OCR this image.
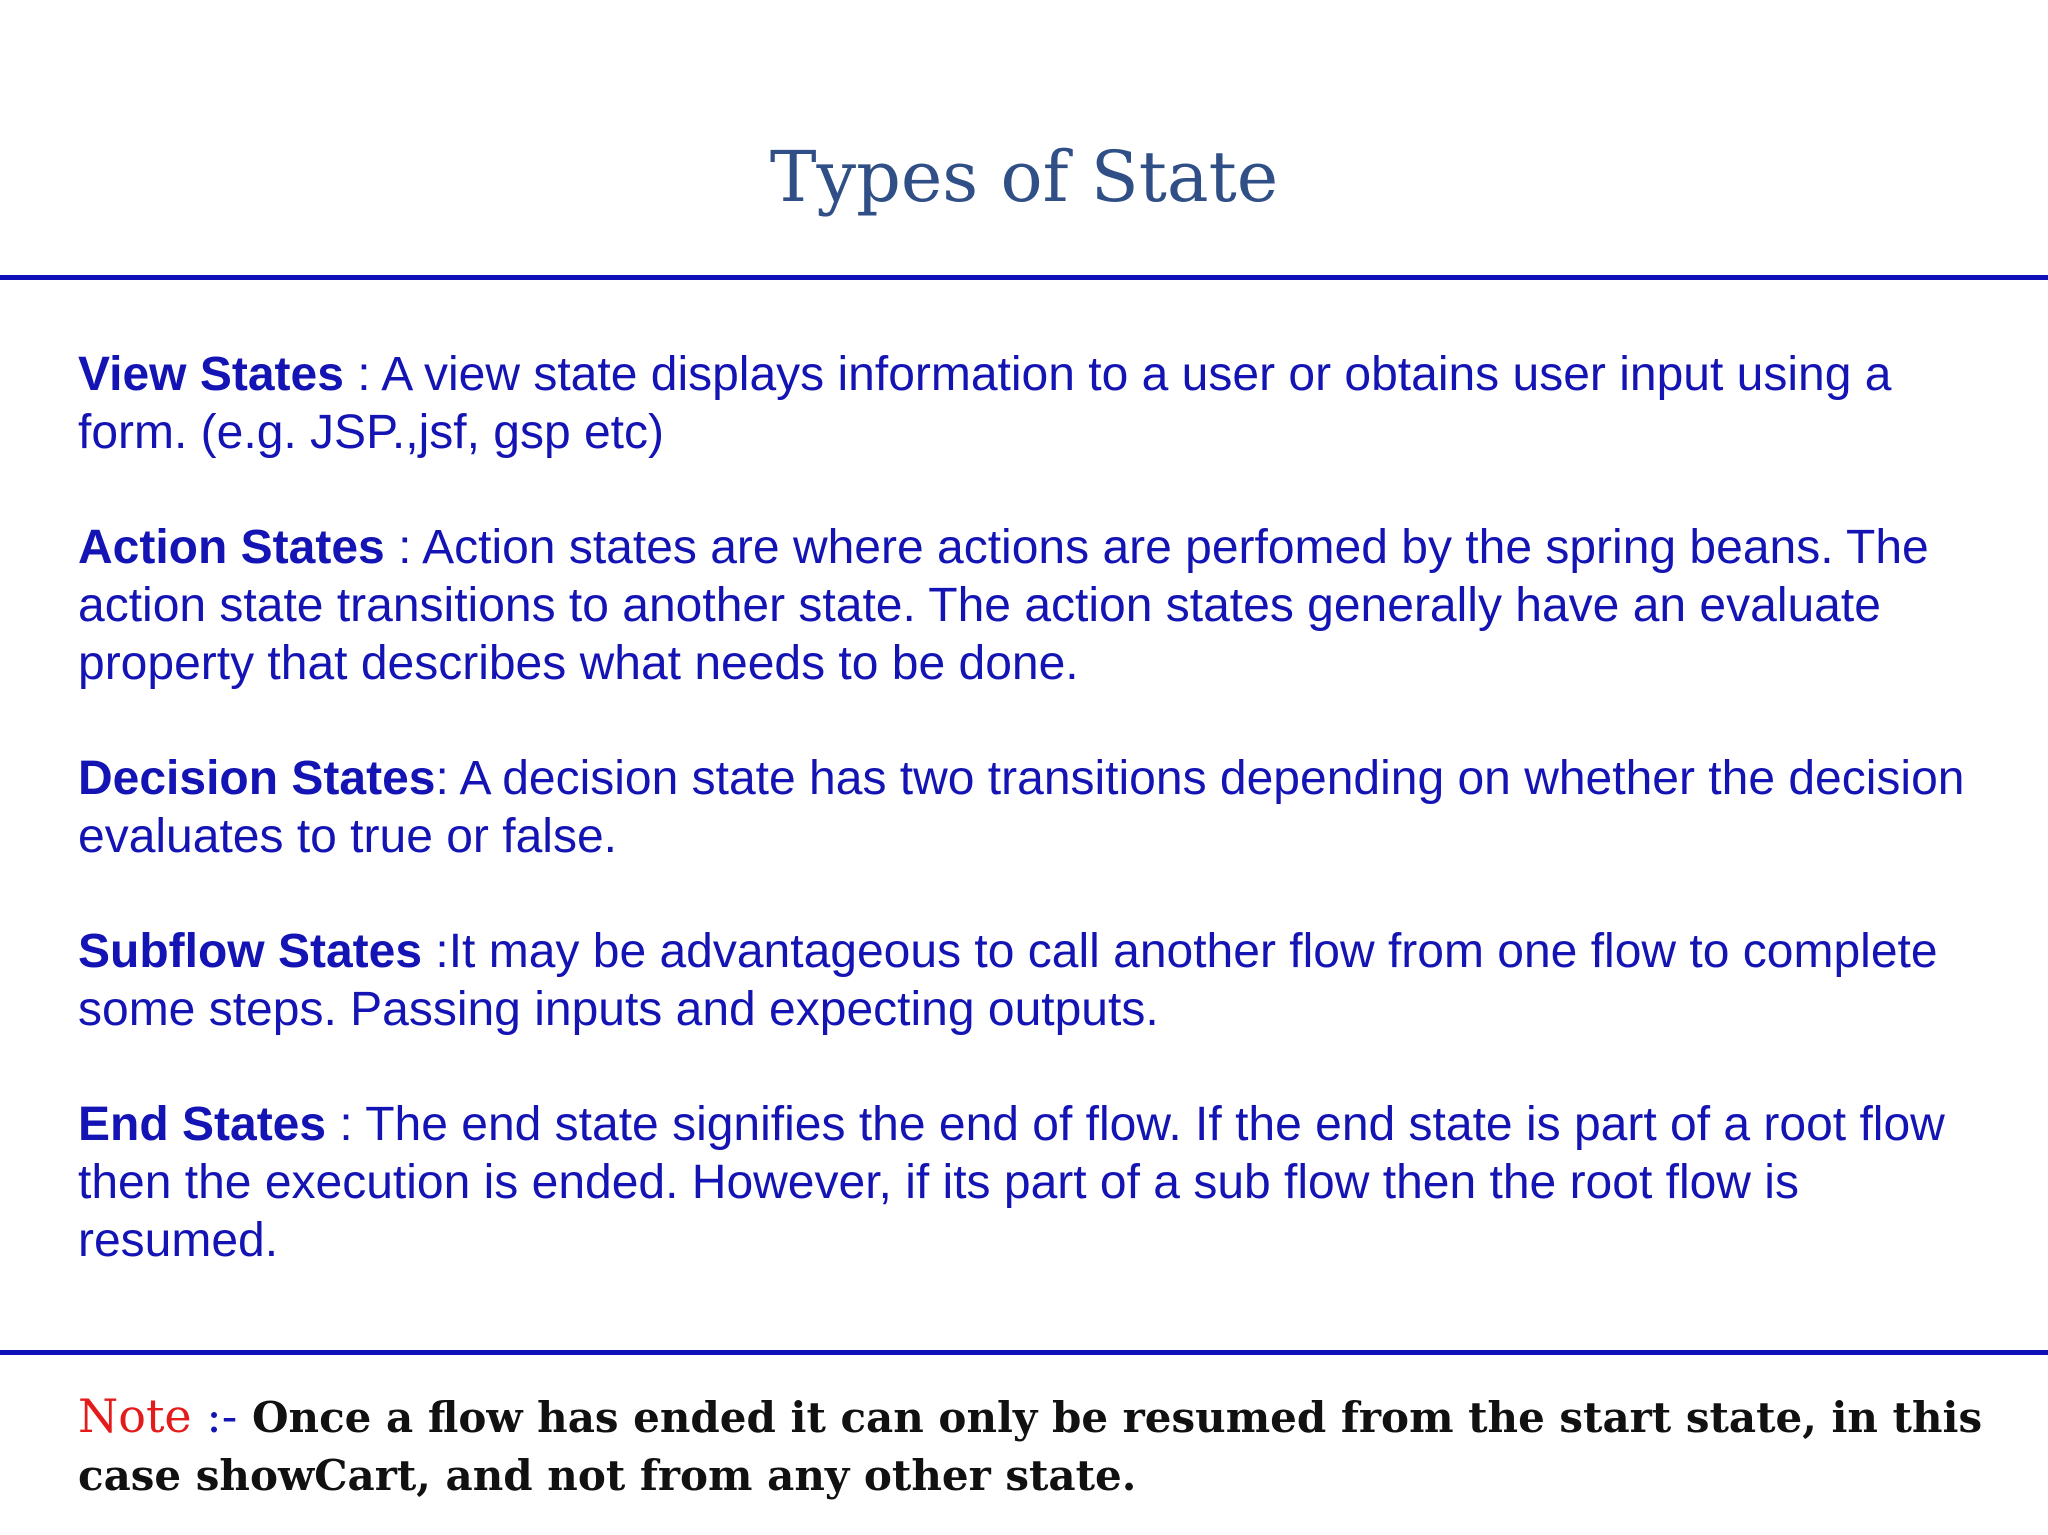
Types of State

View States : A view state displays information to a user or obtains user input using a form. (e.g. JSP.,jsf, gsp etc)

Action States : Action states are where actions are perfomed by the spring beans. The action state transitions to another state. The action states generally have an evaluate property that describes what needs to be done.

Decision States: A decision state has two transitions depending on whether the decision evaluates to true or false.

Subflow States :It may be advantageous to call another flow from one flow to complete some steps. Passing inputs and expecting outputs.

End States : The end state signifies the end of flow. If the end state is part of a root flow then the execution is ended. However, if its part of a sub flow then the root flow is resumed.

Note :- Once a flow has ended it can only be resumed from the start state, in this case showCart, and not from any other state.
